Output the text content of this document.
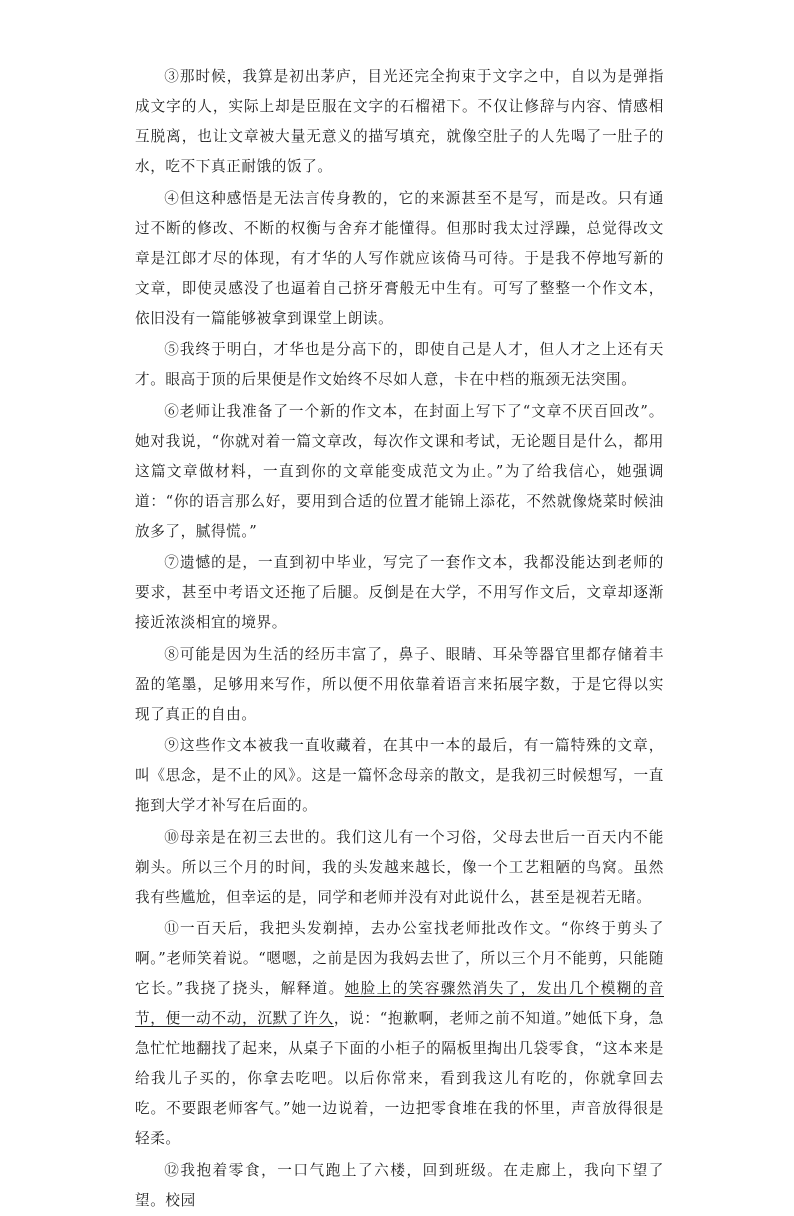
③那时候，我算是初出茅庐，目光还完全拘束于文字之中，自以为是弹指成文字的人，实际上却是臣服在文字的石榴裙下。不仅让修辞与内容、情感相互脱离，也让文章被大量无意义的描写填充，就像空肚子的人先喝了一肚子的水，吃不下真正耐饿的饭了。

④但这种感悟是无法言传身教的，它的来源甚至不是写，而是改。只有通过不断的修改、不断的权衡与舍弃才能懂得。但那时我太过浮躁，总觉得改文章是江郎才尽的体现，有才华的人写作就应该倚马可待。于是我不停地写新的文章，即使灵感没了也逼着自己挤牙膏般无中生有。可写了整整一个作文本，依旧没有一篇能够被拿到课堂上朗读。

⑤我终于明白，才华也是分高下的，即使自己是人才，但人才之上还有天才。眼高于顶的后果便是作文始终不尽如人意，卡在中档的瓶颈无法突围。

⑥老师让我准备了一个新的作文本，在封面上写下了“文章不厌百回改”。她对我说，“你就对着一篇文章改，每次作文课和考试，无论题目是什么，都用这篇文章做材料，一直到你的文章能变成范文为止。”为了给我信心，她强调道：“你的语言那么好，要用到合适的位置才能锦上添花，不然就像烧菜时候油放多了，腻得慌。”

⑦遗憾的是，一直到初中毕业，写完了一套作文本，我都没能达到老师的要求，甚至中考语文还拖了后腿。反倒是在大学，不用写作文后，文章却逐渐接近浓淡相宜的境界。

⑧可能是因为生活的经历丰富了，鼻子、眼睛、耳朵等器官里都存储着丰盈的笔墨，足够用来写作，所以便不用依靠着语言来拓展字数，于是它得以实现了真正的自由。

⑨这些作文本被我一直收藏着，在其中一本的最后，有一篇特殊的文章，叫《思念，是不止的风》。这是一篇怀念母亲的散文，是我初三时候想写，一直拖到大学才补写在后面的。

⑩母亲是在初三去世的。我们这儿有一个习俗，父母去世后一百天内不能剃头。所以三个月的时间，我的头发越来越长，像一个工艺粗陋的鸟窝。虽然我有些尴尬，但幸运的是，同学和老师并没有对此说什么，甚至是视若无睹。

⑪一百天后，我把头发剃掉，去办公室找老师批改作文。“你终于剪头了啊。”老师笑着说。“嗯嗯，之前是因为我妈去世了，所以三个月不能剪，只能随它长。”我挠了挠头，解释道。她脸上的笑容骤然消失了，发出几个模糊的音节，便一动不动，沉默了许久，说：“抱歉啊，老师之前不知道。”她低下身，急急忙忙地翻找了起来，从桌子下面的小柜子的隔板里掏出几袋零食，“这本来是给我儿子买的，你拿去吃吧。以后你常来，看到我这儿有吃的，你就拿回去吃。不要跟老师客气。”她一边说着，一边把零食堆在我的怀里，声音放得很是轻柔。

⑫我抱着零食，一口气跑上了六楼，回到班级。在走廊上，我向下望了望。校园
